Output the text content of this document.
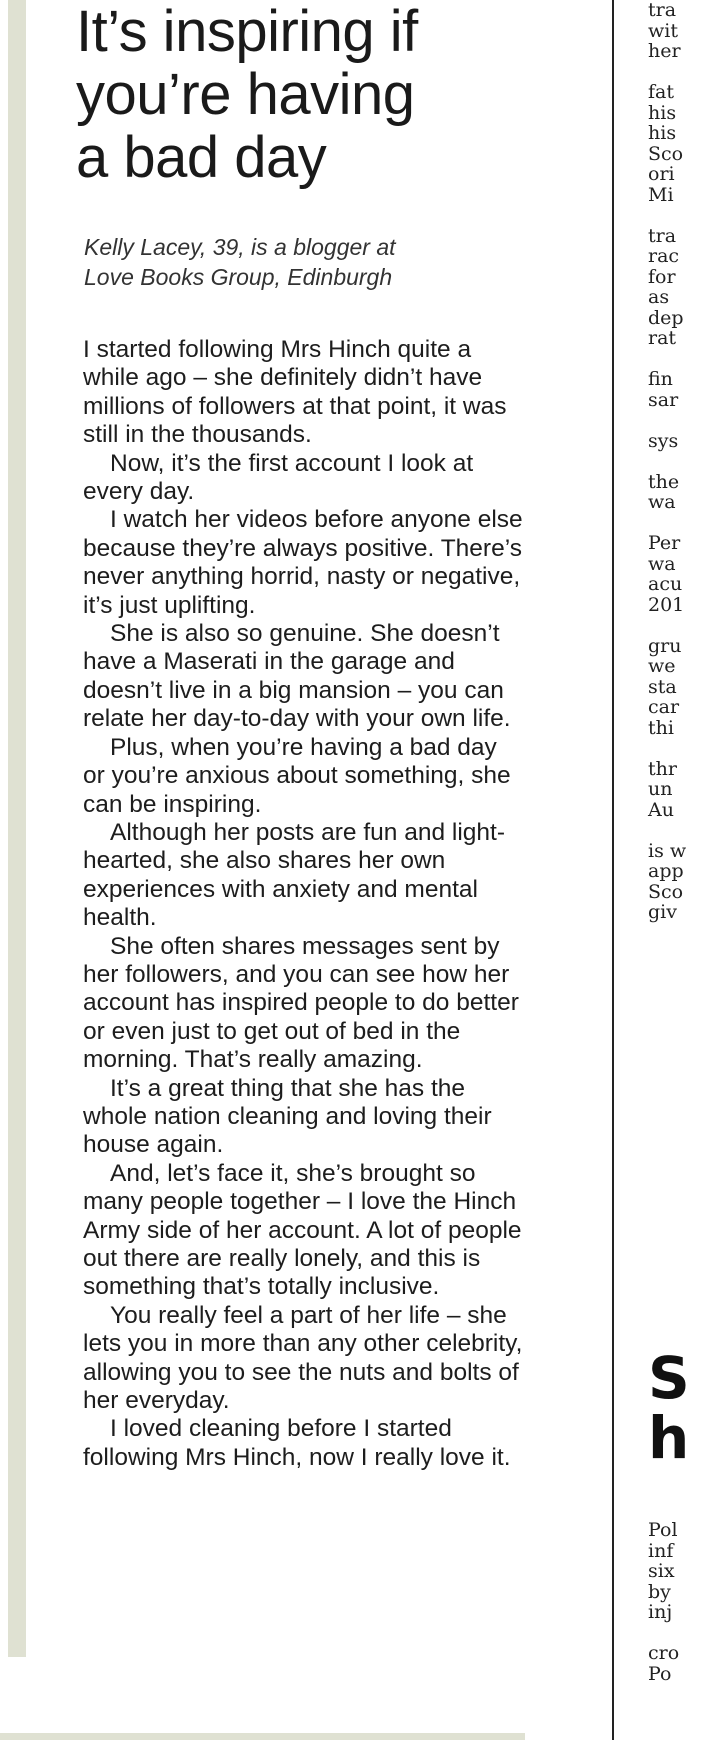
It’s inspiring if
you’re having
a bad day
Kelly Lacey, 39, is a blogger at
Love Books Group, Edinburgh

I started following Mrs Hinch quite a while ago – she definitely didn’t have millions of followers at that point, it was still in the thousands.

Now, it’s the first account I look at every day.

I watch her videos before anyone else because they’re always positive. There’s never anything horrid, nasty or negative, it’s just uplifting.

She is also so genuine. She doesn’t have a Maserati in the garage and doesn’t live in a big mansion – you can relate her day-to-day with your own life.

Plus, when you’re having a bad day or you’re anxious about something, she can be inspiring.

Although her posts are fun and light-hearted, she also shares her own experiences with anxiety and mental health.

She often shares messages sent by her followers, and you can see how her account has inspired people to do better or even just to get out of bed in the morning. That’s really amazing.

It’s a great thing that she has the whole nation cleaning and loving their house again.

And, let’s face it, she’s brought so many people together – I love the Hinch Army side of her account. A lot of people out there are really lonely, and this is something that’s totally inclusive.

You really feel a part of her life – she lets you in more than any other celebrity, allowing you to see the nuts and bolts of her everyday.

I loved cleaning before I started following Mrs Hinch, now I really love it.

tra
wit
her
fat
his
his
Sco
ori
Mi
tra
rac
for
as
dep
rat
fin
sar
sys
the
wa
Per
wa
acu
201
gru
we
sta
car
thi
thr
un
Au
is w
app
Sco
giv
S
h
Pol
inf
six
by
inj
cro
Po
